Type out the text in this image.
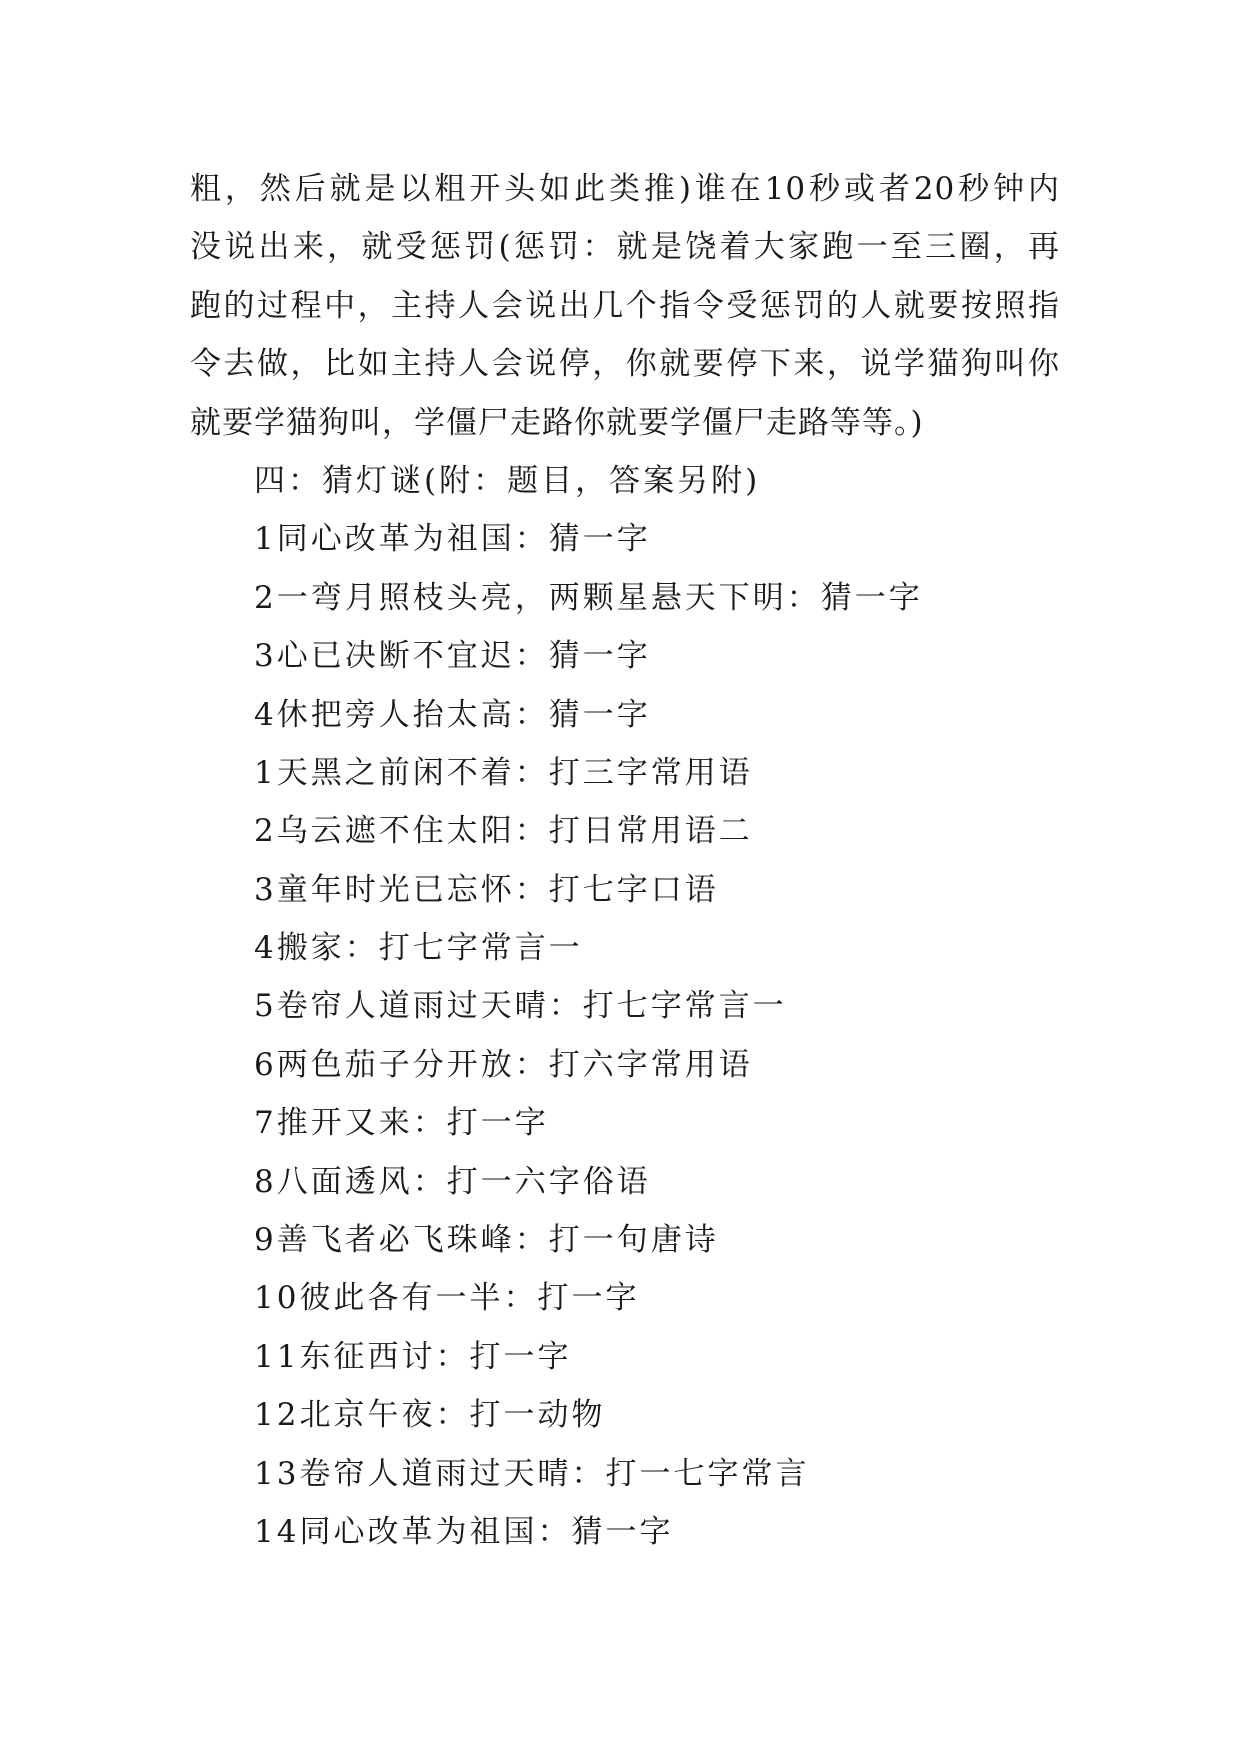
粗，然后就是以粗开头如此类推)谁在10秒或者20秒钟内
没说出来，就受惩罚(惩罚：就是饶着大家跑一至三圈，再
跑的过程中，主持人会说出几个指令受惩罚的人就要按照指
令去做，比如主持人会说停，你就要停下来，说学猫狗叫你
就要学猫狗叫，学僵尸走路你就要学僵尸走路等等。)
四：猜灯谜(附：题目，答案另附)
1同心改革为祖国：猜一字
2一弯月照枝头亮，两颗星悬天下明：猜一字
3心已决断不宜迟：猜一字
4休把旁人抬太高：猜一字
1天黑之前闲不着：打三字常用语
2乌云遮不住太阳：打日常用语二
3童年时光已忘怀：打七字口语
4搬家：打七字常言一
5卷帘人道雨过天晴：打七字常言一
6两色茄子分开放：打六字常用语
7推开又来：打一字
8八面透风：打一六字俗语
9善飞者必飞珠峰：打一句唐诗
10彼此各有一半：打一字
11东征西讨：打一字
12北京午夜：打一动物
13卷帘人道雨过天晴：打一七字常言
14同心改革为祖国：猜一字
